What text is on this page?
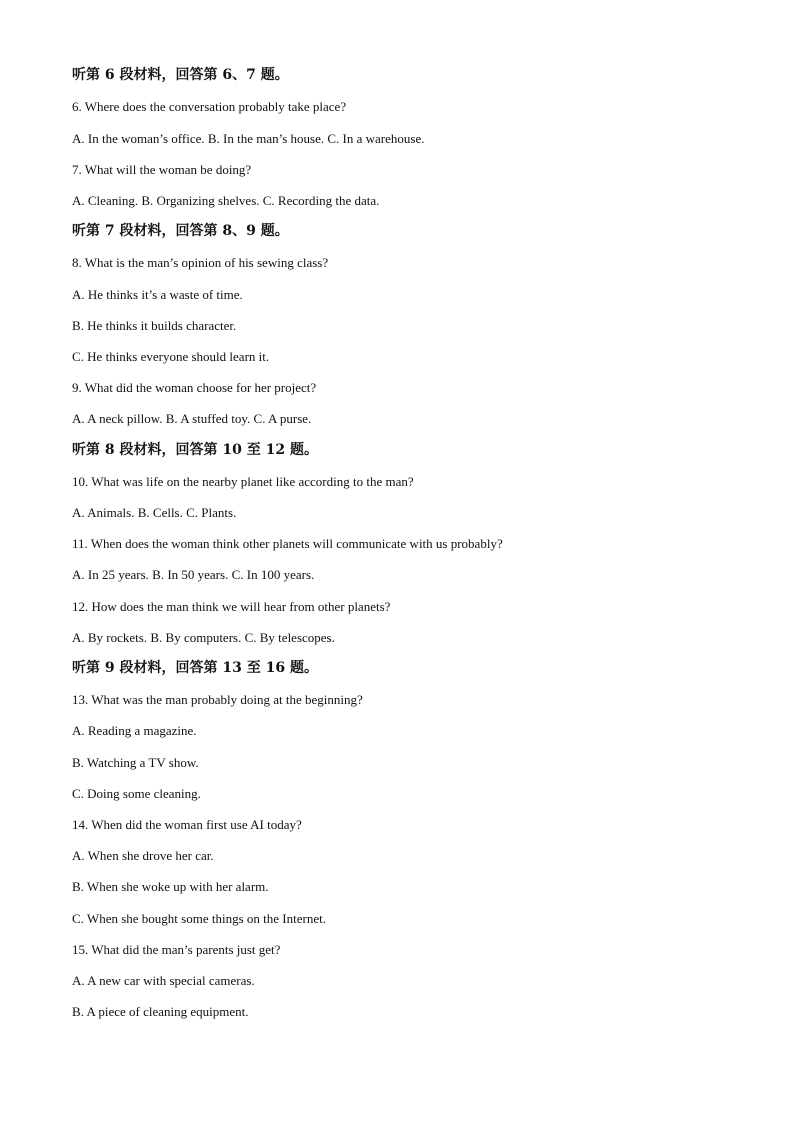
听第 6 段材料，回答第 6、7 题。
6. Where does the conversation probably take place?
A. In the woman’s office. B. In the man’s house. C. In a warehouse.
7. What will the woman be doing?
A. Cleaning. B. Organizing shelves. C. Recording the data.
听第 7 段材料，回答第 8、9 题。
8. What is the man’s opinion of his sewing class?
A. He thinks it’s a waste of time.
B. He thinks it builds character.
C. He thinks everyone should learn it.
9. What did the woman choose for her project?
A. A neck pillow. B. A stuffed toy. C. A purse.
听第 8 段材料，回答第 10 至 12 题。
10. What was life on the nearby planet like according to the man?
A. Animals. B. Cells. C. Plants.
11. When does the woman think other planets will communicate with us probably?
A. In 25 years. B. In 50 years. C. In 100 years.
12. How does the man think we will hear from other planets?
A. By rockets. B. By computers. C. By telescopes.
听第 9 段材料，回答第 13 至 16 题。
13. What was the man probably doing at the beginning?
A. Reading a magazine.
B. Watching a TV show.
C. Doing some cleaning.
14. When did the woman first use AI today?
A. When she drove her car.
B. When she woke up with her alarm.
C. When she bought some things on the Internet.
15. What did the man’s parents just get?
A. A new car with special cameras.
B. A piece of cleaning equipment.
